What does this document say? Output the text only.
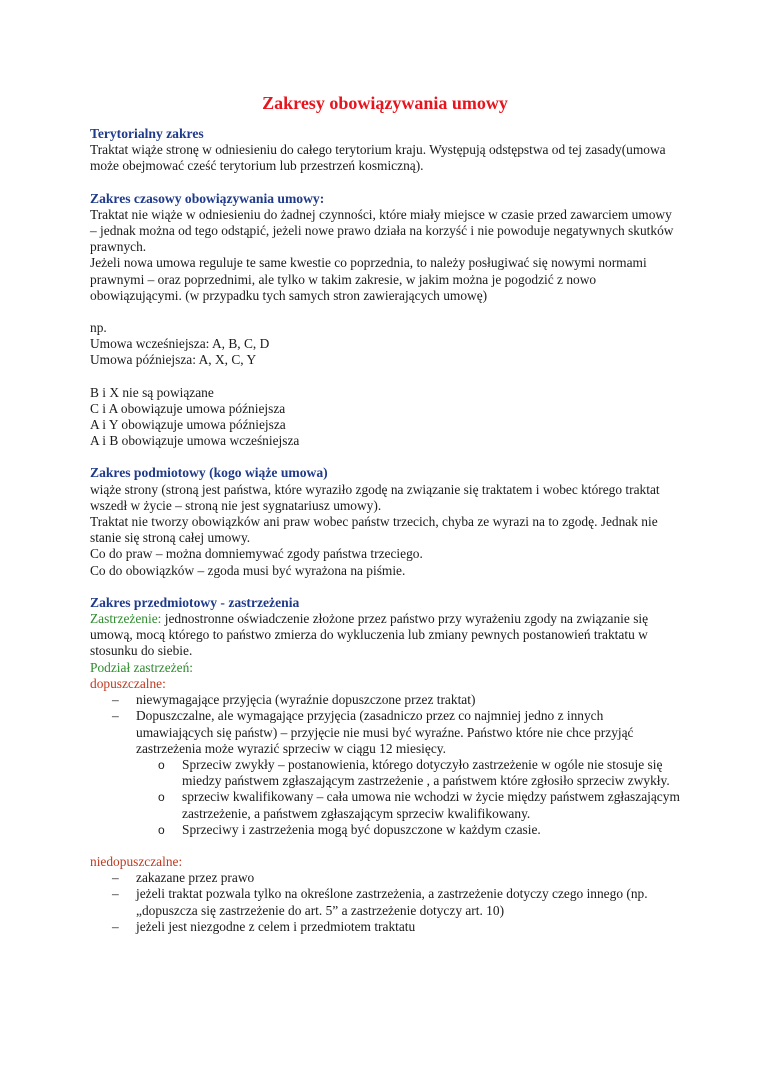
Zakresy obowiązywania umowy

Terytorialny zakres

Traktat wiąże stronę w odniesieniu do całego terytorium kraju. Występują odstępstwa od tej zasady(umowa może obejmować cześć terytorium lub przestrzeń kosmiczną).

Zakres czasowy obowiązywania umowy:

Traktat nie wiąże w odniesieniu do żadnej czynności, które miały miejsce w czasie przed zawarciem umowy – jednak można od tego odstąpić, jeżeli nowe prawo działa na korzyść i nie powoduje negatywnych skutków prawnych.

Jeżeli nowa umowa reguluje te same kwestie co poprzednia, to należy posługiwać się nowymi normami prawnymi – oraz poprzednimi, ale tylko w takim zakresie, w jakim można je pogodzić z nowo obowiązującymi. (w przypadku tych samych stron zawierających umowę)

np.

Umowa wcześniejsza: A, B, C, D

Umowa późniejsza: A, X, C, Y

B i X nie są powiązane

C i A obowiązuje umowa późniejsza

A i Y obowiązuje umowa późniejsza

A i B obowiązuje umowa wcześniejsza

Zakres podmiotowy (kogo wiąże umowa)

wiąże strony (stroną jest państwa, które wyraziło zgodę na związanie się traktatem i wobec którego traktat wszedł w życie – stroną nie jest sygnatariusz umowy).

Traktat nie tworzy obowiązków ani praw wobec państw trzecich, chyba ze wyrazi na to zgodę. Jednak nie stanie się stroną całej umowy.

Co do praw – można domniemywać zgody państwa trzeciego.

Co do obowiązków – zgoda musi być wyrażona na piśmie.

Zakres przedmiotowy - zastrzeżenia

Zastrzeżenie: jednostronne oświadczenie złożone przez państwo przy wyrażeniu zgody na związanie się umową, mocą którego to państwo zmierza do wykluczenia lub zmiany pewnych postanowień traktatu w stosunku do siebie.

Podział zastrzeżeń:

dopuszczalne:

– niewymagające przyjęcia (wyraźnie dopuszczone przez traktat)
– Dopuszczalne, ale wymagające przyjęcia (zasadniczo przez co najmniej jedno z innych umawiających się państw) – przyjęcie nie musi być wyraźne. Państwo które nie chce przyjąć zastrzeżenia może wyrazić sprzeciw w ciągu 12 miesięcy.
o Sprzeciw zwykły – postanowienia, którego dotyczyło zastrzeżenie w ogóle nie stosuje się miedzy państwem zgłaszającym zastrzeżenie , a państwem które zgłosiło sprzeciw zwykły.
o sprzeciw kwalifikowany – cała umowa nie wchodzi w życie między państwem zgłaszającym zastrzeżenie, a państwem zgłaszającym sprzeciw kwalifikowany.
o Sprzeciwy i zastrzeżenia mogą być dopuszczone w każdym czasie.

niedopuszczalne:

– zakazane przez prawo
– jeżeli traktat pozwala tylko na określone zastrzeżenia, a zastrzeżenie dotyczy czego innego (np. „dopuszcza się zastrzeżenie do art. 5” a zastrzeżenie dotyczy art. 10)
– jeżeli jest niezgodne z celem i przedmiotem traktatu
